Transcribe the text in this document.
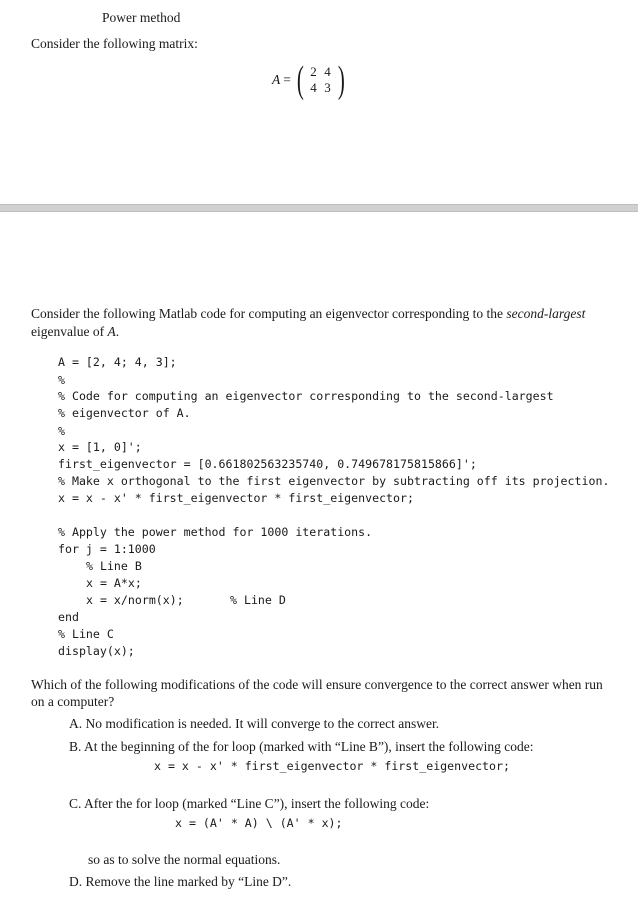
Power method
Consider the following matrix:
A = ( 2 4
4 3 )
Consider the following Matlab code for computing an eigenvector corresponding to the second-largest eigenvalue of A.
A = [2, 4; 4, 3];
%
% Code for computing an eigenvector corresponding to the second-largest
% eigenvector of A.
%
x = [1, 0]';
first_eigenvector = [0.661802563235740, 0.749678175815866]';
% Make x orthogonal to the first eigenvector by subtracting off its projection.
x = x - x' * first_eigenvector * first_eigenvector;
% Apply the power method for 1000 iterations.
for j = 1:1000
% Line B
x = A*x;
x = x/norm(x);	% Line D
end
% Line C
display(x);
Which of the following modifications of the code will ensure convergence to the correct answer when run on a computer?
A. No modification is needed. It will converge to the correct answer.
B. At the beginning of the for loop (marked with “Line B”), insert the following code:
x = x - x' * first_eigenvector * first_eigenvector;
C. After the for loop (marked “Line C”), insert the following code:
x = (A' * A) \ (A' * x);
so as to solve the normal equations.
D. Remove the line marked by “Line D”.
